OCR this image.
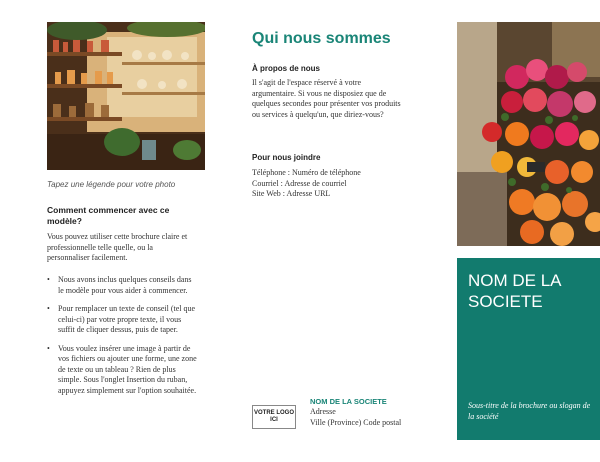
Tapez une légende pour votre photo
Comment commencer avec ce
modèle?
Vous pouvez utiliser cette brochure claire et professionnelle telle quelle, ou la personnaliser facilement.
• Nous avons inclus quelques conseils dans le modèle pour vous aider à commencer.
• Pour remplacer un texte de conseil (tel que celui-ci) par votre propre texte, il vous suffit de cliquer dessus, puis de taper.
• Vous voulez insérer une image à partir de vos fichiers ou ajouter une forme, une zone de texte ou un tableau ? Rien de plus simple. Sous l'onglet Insertion du ruban, appuyez simplement sur l'option souhaitée.
Qui nous sommes
À propos de nous
Il s'agit de l'espace réservé à votre argumentaire. Si vous ne disposiez que de quelques secondes pour présenter vos produits ou services à quelqu'un, que diriez-vous?
Pour nous joindre
Téléphone : Numéro de téléphone
Courriel : Adresse de courriel
Site Web : Adresse URL
VOTRE LOGO
ICI
NOM DE LA SOCIETE
Adresse
Ville (Province) Code postal
NOM DE LA SOCIETE
Sous-titre de la brochure ou slogan de la société
